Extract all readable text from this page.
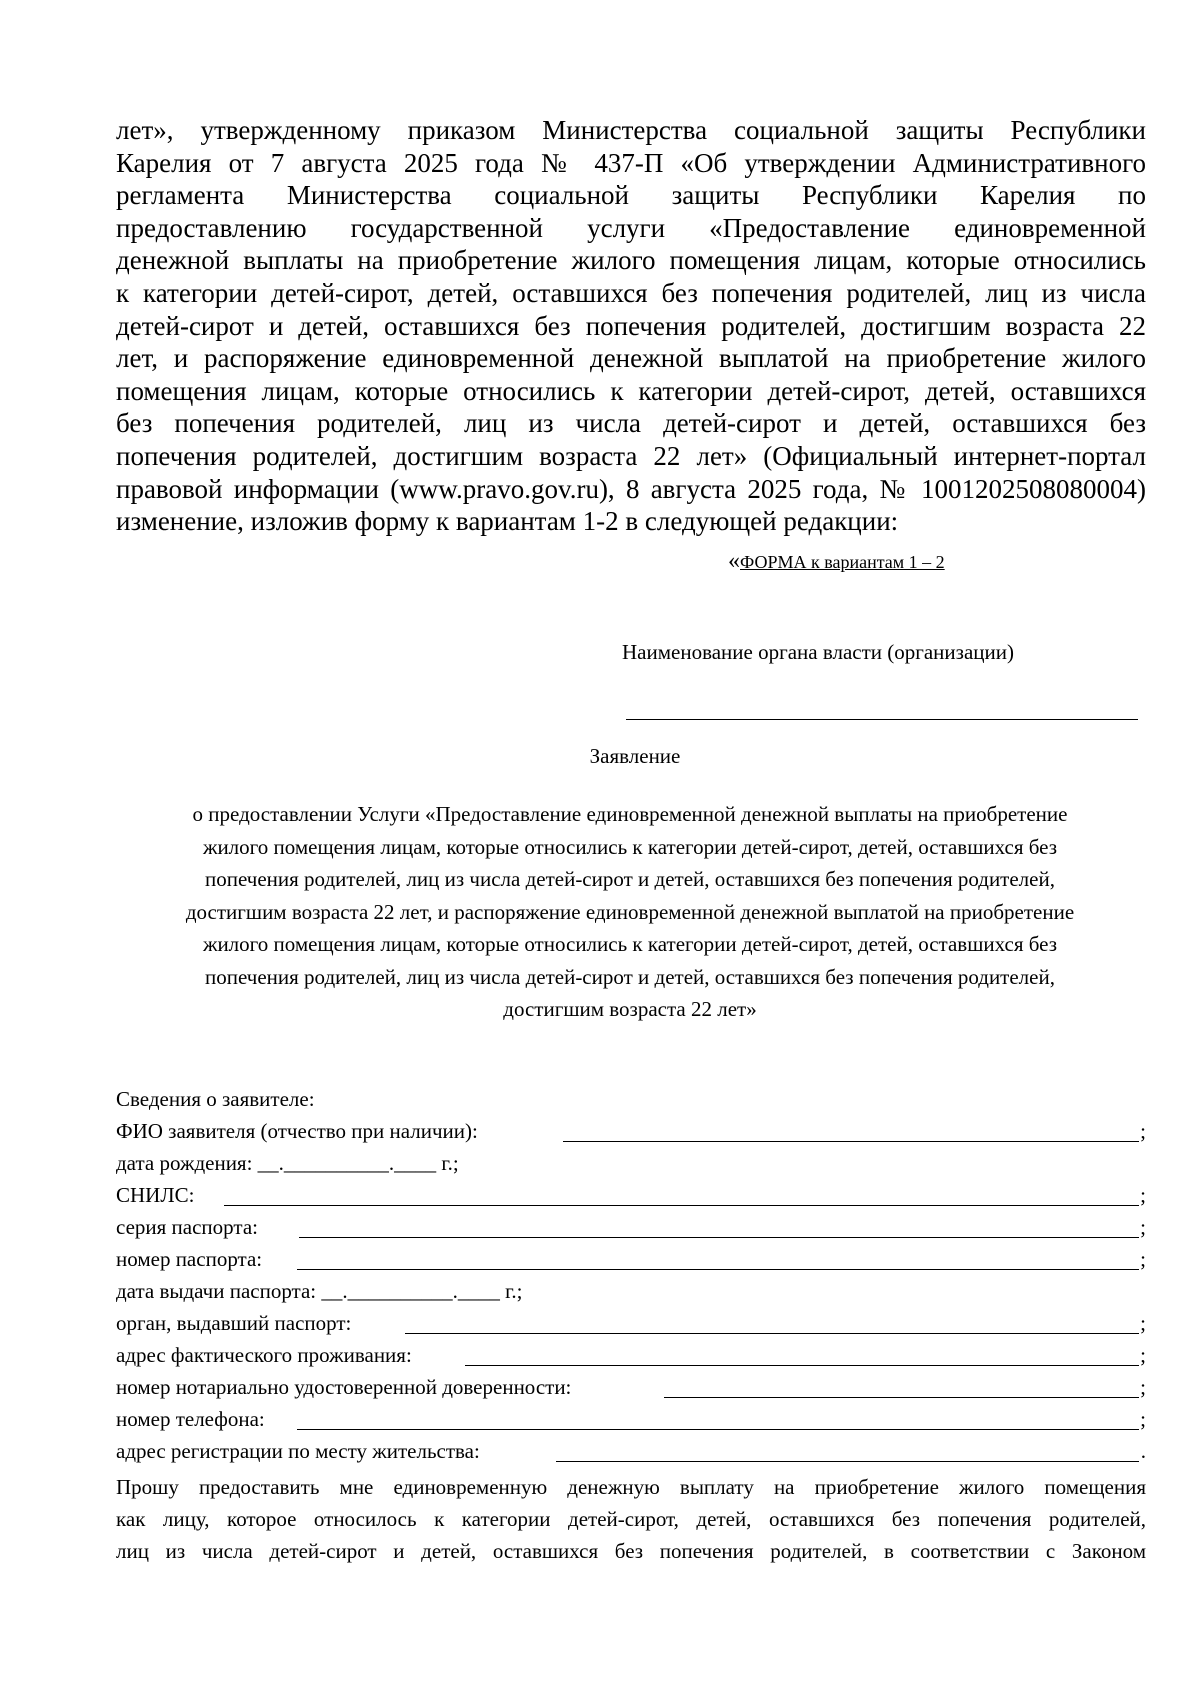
лет», утвержденному приказом Министерства социальной защиты Республики
Карелия от 7 августа 2025 года № 437-П «Об утверждении Административного
регламента Министерства социальной защиты Республики Карелия по
предоставлению государственной услуги «Предоставление единовременной
денежной выплаты на приобретение жилого помещения лицам, которые относились
к категории детей-сирот, детей, оставшихся без попечения родителей, лиц из числа
детей-сирот и детей, оставшихся без попечения родителей, достигшим возраста 22
лет, и распоряжение единовременной денежной выплатой на приобретение жилого
помещения лицам, которые относились к категории детей-сирот, детей, оставшихся
без попечения родителей, лиц из числа детей-сирот и детей, оставшихся без
попечения родителей, достигшим возраста 22 лет» (Официальный интернет-портал
правовой информации (www.pravo.gov.ru), 8 августа 2025 года, № 1001202508080004)
изменение, изложив форму к вариантам 1-2 в следующей редакции:
«ФОРМА к вариантам 1 – 2
Наименование органа власти (организации)
Заявление
о предоставлении Услуги «Предоставление единовременной денежной выплаты на приобретение
жилого помещения лицам, которые относились к категории детей-сирот, детей, оставшихся без
попечения родителей, лиц из числа детей-сирот и детей, оставшихся без попечения родителей,
достигшим возраста 22 лет, и распоряжение единовременной денежной выплатой на приобретение
жилого помещения лицам, которые относились к категории детей-сирот, детей, оставшихся без
попечения родителей, лиц из числа детей-сирот и детей, оставшихся без попечения родителей,
достигшим возраста 22 лет»
Сведения о заявителе:
ФИО заявителя (отчество при наличии):	;
дата рождения: __.__________.____ г.;
СНИЛС:	;
серия паспорта:	;
номер паспорта:	;
дата выдачи паспорта: __.__________.____ г.;
орган, выдавший паспорт:	;
адрес фактического проживания:	;
номер нотариально удостоверенной доверенности:	;
номер телефона:	;
адрес регистрации по месту жительства:	.
Прошу предоставить мне единовременную денежную выплату на приобретение жилого помещения
как лицу, которое относилось к категории детей-сирот, детей, оставшихся без попечения родителей,
лиц из числа детей-сирот и детей, оставшихся без попечения родителей, в соответствии с Законом
